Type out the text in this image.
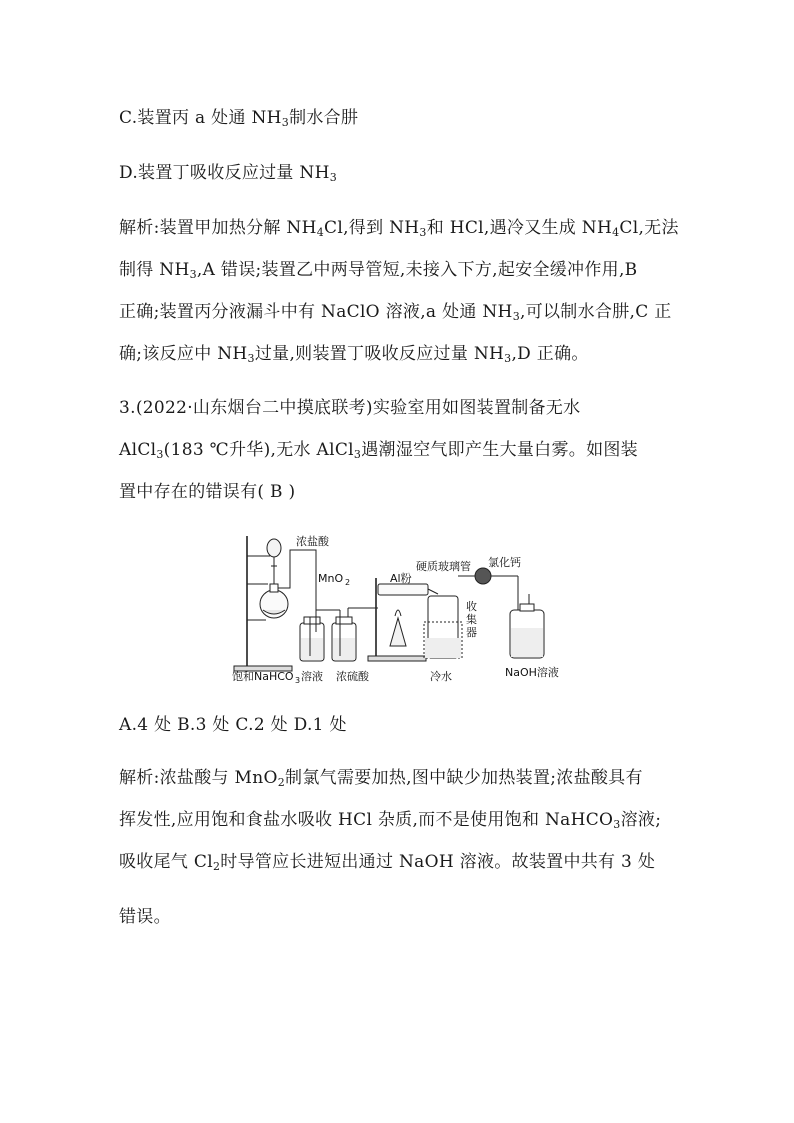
C.装置丙 a 处通 $NH_3$制水合肼
D.装置丁吸收反应过量 $NH_3$
解析:装置甲加热分解 $NH_4Cl$,得到 $NH_3$和 HCl,遇冷又生成 $NH_4Cl$,无法
制得 $NH_3,A$ 错误;装置乙中两导管短,未接入下方,起安全缓冲作用,B
正确;装置丙分液漏斗中有 NaClO 溶液,a 处通 $NH_3$,可以制水合肼,C 正
确;该反应中 $NH_3$过量,则装置丁吸收反应过量 $NH_3,D$ 正确。
3.(2022·山东烟台二中摸底联考)实验室用如图装置制备无水
AlCl$_3$(183 ℃升华),无水 AlCl$_3$遇潮湿空气即产生大量白雾。如图装
置中存在的错误有( B )
浓盐酸
MnO 2
硬质玻璃管 氯化钙
Al粉
收
集
器
饱和NaHCO 3 溶液 浓硫酸	冷水	NaOH溶液
A.4 处 B.3 处 C.2 处 D.1 处
解析:浓盐酸与 MnO$_2$制氯气需要加热,图中缺少加热装置;浓盐酸具有
挥发性,应用饱和食盐水吸收 HCl 杂质,而不是使用饱和 NaHCO$_3$溶液;
吸收尾气 $Cl_2$时导管应长进短出通过 NaOH 溶液。故装置中共有 3 处
错误。
